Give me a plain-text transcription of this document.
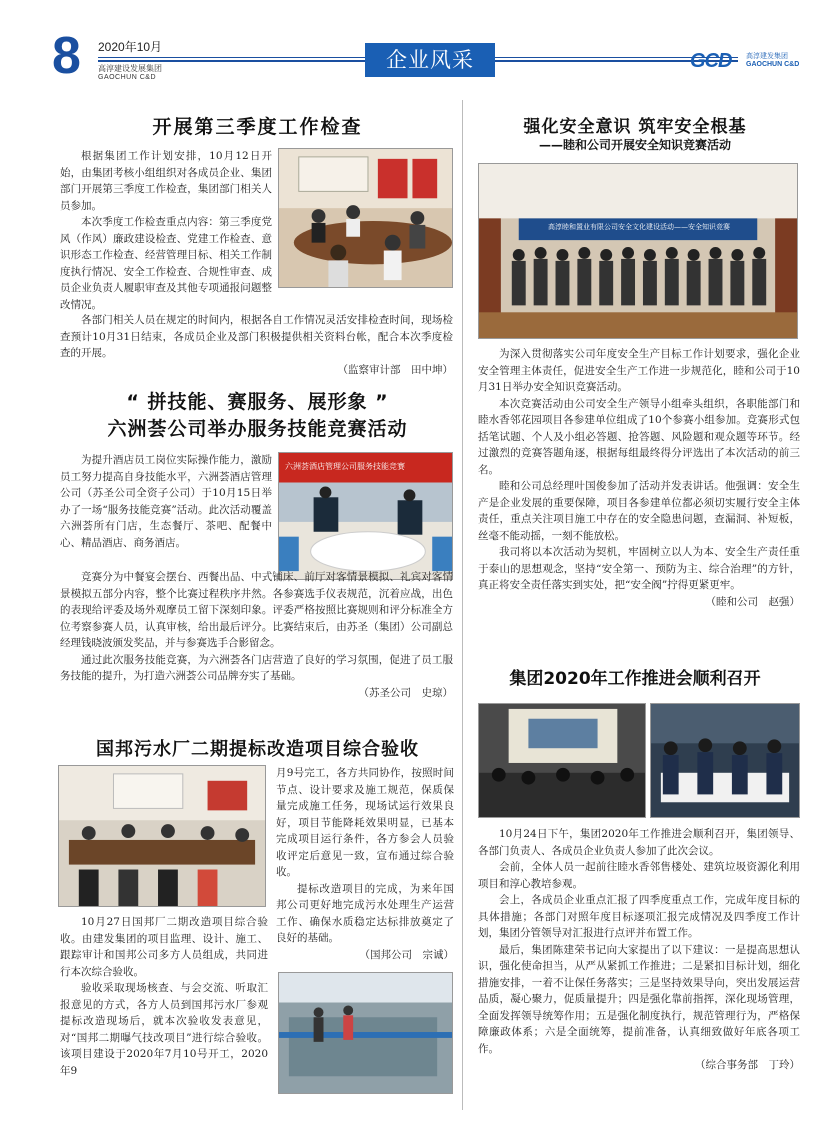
8 2020年10月
高淳建设发展集团
GAOCHUN C&D
企业风采	GCD 高淳建发集团
GAOCHUN C&D
开展第三季度工作检查

根据集团工作计划安排，10月12日开始，由集团考核小组组织对各成员企业、集团部门开展第三季度工作检查，集团部门相关人员参加。

本次季度工作检查重点内容：第三季度党风（作风）廉政建设检查、党建工作检查、意识形态工作检查、经营管理目标、相关工作制度执行情况、安全工作检查、合规性审查、成员企业负责人履职审查及其他专项通报问题整改情况。

各部门相关人员在规定的时间内，根据各自工作情况灵活安排检查时间，现场检查预计10月31日结束，各成员企业及部门积极提供相关资料台帐，配合本次季度检查的开展。

（监察审计部　田中坤）
“ 拼技能、赛服务、展形象 ”
六洲荟公司举办服务技能竞赛活动
六洲荟酒店管理公司服务技能竞赛

为提升酒店员工岗位实际操作能力，激励员工努力提高自身技能水平，六洲荟酒店管理公司（苏圣公司全资子公司）于10月15日举办了一场“服务技能竞赛”活动。此次活动覆盖六洲荟所有门店，生态餐厅、茶吧、配餐中心、精品酒店、商务酒店。

竞赛分为中餐宴会摆台、西餐出品、中式铺床、前厅对客情景模拟、礼宾对客情景模拟五部分内容，整个比赛过程秩序井然。各参赛选手仪表规范，沉着应战，出色的表现给评委及场外观摩员工留下深刻印象。评委严格按照比赛规则和评分标准全方位考察参赛人员，认真审核，给出最后评分。比赛结束后，由苏圣（集团）公司副总经理钱晓波颁发奖品，并与参赛选手合影留念。

通过此次服务技能竞赛，为六洲荟各门店营造了良好的学习氛围，促进了员工服务技能的提升，为打造六洲荟公司品牌夯实了基础。

（苏圣公司　史琼）
国邦污水厂二期提标改造项目综合验收

10月27日国邦厂二期改造项目综合验收。由建发集团的项目监理、设计、施工、跟踪审计和国邦公司多方人员组成，共同进行本次综合验收。

验收采取现场核查、与会交流、听取汇报意见的方式，各方人员到国邦污水厂参观提标改造现场后，就本次验收发表意见，对“国邦二期曝气技改项目”进行综合验收。该项目建设于2020年7月10号开工，2020年9

月9号完工，各方共同协作，按照时间节点、设计要求及施工规范，保质保量完成施工任务，现场试运行效果良好，项目节能降耗效果明显，已基本完成项目运行条件，各方参会人员验收评定后意见一致，宣布通过综合验收。

提标改造项目的完成，为来年国邦公司更好地完成污水处理生产运营工作、确保水质稳定达标排放奠定了良好的基础。

（国邦公司　宗诚）
强化安全意识 筑牢安全根基
——睦和公司开展安全知识竞赛活动
高淳睦和置业有限公司安全文化建设活动——安全知识竞赛

为深入贯彻落实公司年度安全生产目标工作计划要求，强化企业安全管理主体责任，促进安全生产工作进一步规范化，睦和公司于10月31日举办安全知识竞赛活动。

本次竞赛活动由公司安全生产领导小组牵头组织，各职能部门和睦水香邻花园项目各参建单位组成了10个参赛小组参加。竞赛形式包括笔试题、个人及小组必答题、抢答题、风险题和观众题等环节。经过激烈的竞赛答题角逐，根据每组最终得分评选出了本次活动的前三名。

睦和公司总经理叶国俊参加了活动并发表讲话。他强调：安全生产是企业发展的重要保障，项目各参建单位都必须切实履行安全主体责任，重点关注项目施工中存在的安全隐患问题，查漏洞、补短板，丝毫不能动摇，一刻不能放松。

我司将以本次活动为契机，牢固树立以人为本、安全生产责任重于泰山的思想观念，坚持“安全第一、预防为主、综合治理”的方针，真正将安全责任落实到实处，把“安全阀”拧得更紧更牢。

（睦和公司　赵强）
集团2020年工作推进会顺利召开

10月24日下午，集团2020年工作推进会顺利召开，集团领导、各部门负责人、各成员企业负责人参加了此次会议。

会前，全体人员一起前往睦水香邻售楼处、建筑垃圾资源化利用项目和淳心教培参观。

会上，各成员企业重点汇报了四季度重点工作，完成年度目标的具体措施；各部门对照年度目标逐项汇报完成情况及四季度工作计划，集团分管领导对汇报进行点评并布置工作。

最后，集团陈建荣书记向大家提出了以下建议：一是提高思想认识，强化使命担当，从严从紧抓工作推进；二是紧扣目标计划，细化措施安排，一着不让保任务落实；三是坚持效果导向，突出发展运营品质，凝心聚力，促质量提升；四是强化靠前指挥，深化现场管理，全面发挥领导统筹作用；五是强化制度执行，规范管理行为，严格保障廉政体系；六是全面统筹，提前准备，认真细致做好年底各项工作。

（综合事务部　丁玲）
